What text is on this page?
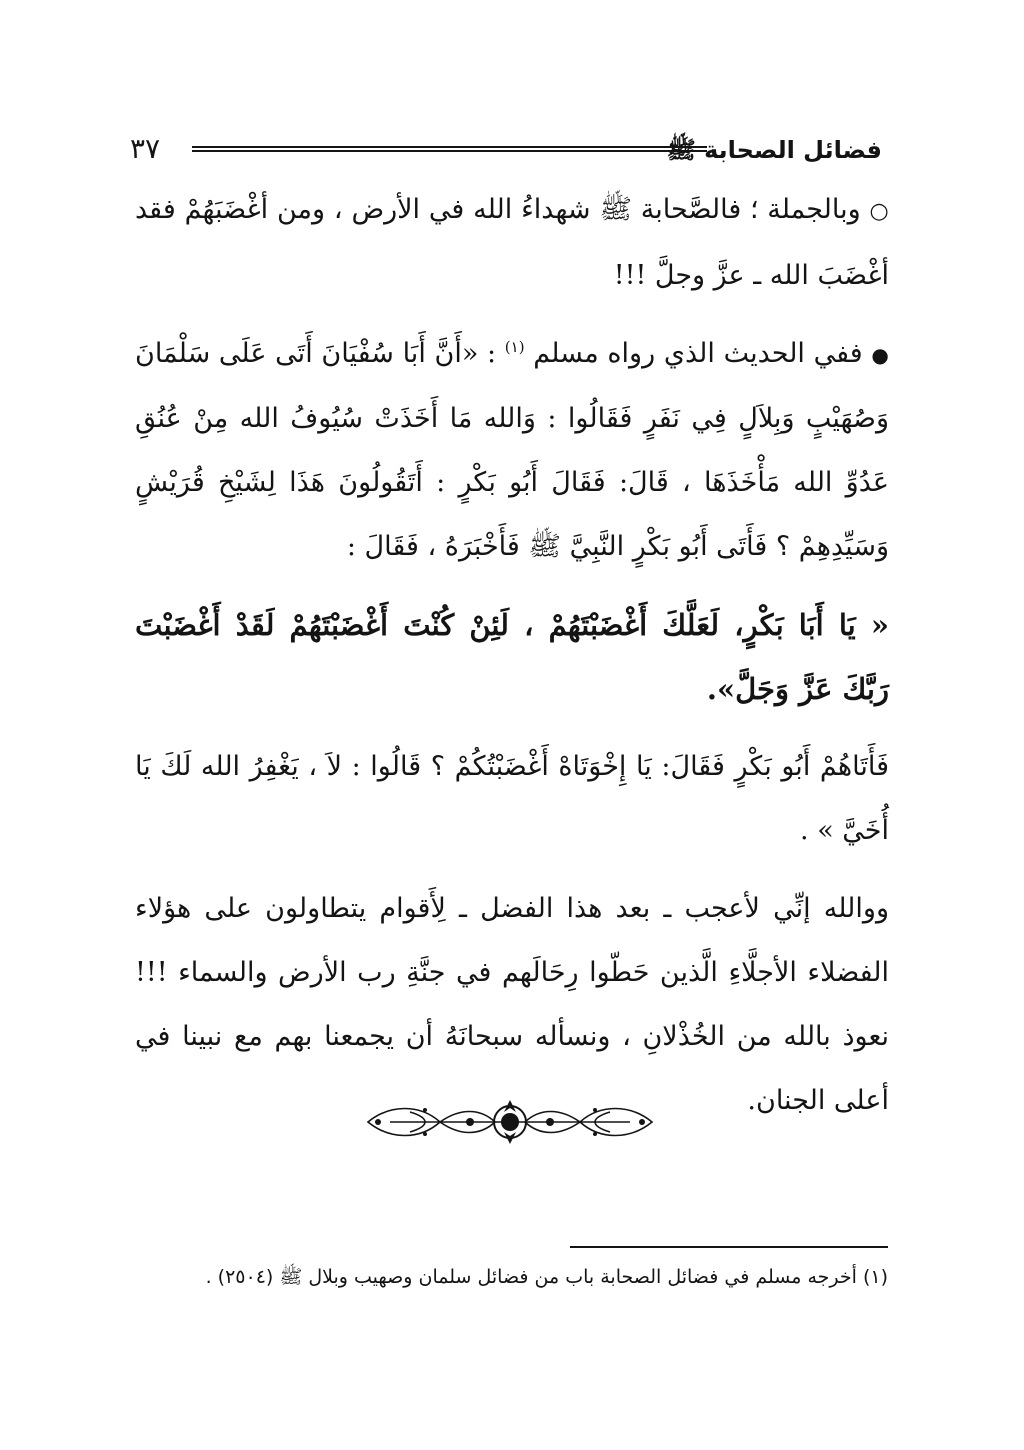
٣٧	فضائل الصحابة ﷺ

○ وبالجملة ؛ فالصَّحابة ﷺ شهداءُ الله في الأرض ، ومن أغْضَبَهُمْ فقد أغْضَبَ الله ـ عزَّ وجلَّ !!!

● ففي الحديث الذي رواه مسلم $^{(١)}$ : «أَنَّ أَبَا سُفْيَانَ أَتَى عَلَى سَلْمَانَ وَصُهَيْبٍ وَبِلاَلٍ فِي نَفَرٍ فَقَالُوا : وَالله مَا أَخَذَتْ سُيُوفُ الله مِنْ عُنُقِ عَدُوِّ الله مَأْخَذَهَا ، قَالَ: فَقَالَ أَبُو بَكْرٍ : أَتَقُولُونَ هَذَا لِشَيْخِ قُرَيْشٍ وَسَيِّدِهِمْ ؟ فَأَتَى أَبُو بَكْرٍ النَّبِيَّ ﷺ فَأَخْبَرَهُ ، فَقَالَ :

« يَا أَبَا بَكْرٍ، لَعَلَّكَ أَغْضَبْتَهُمْ ، لَئِنْ كُنْتَ أَغْضَبْتَهُمْ لَقَدْ أَغْضَبْتَ رَبَّكَ عَزَّ وَجَلَّ».

فَأَتَاهُمْ أَبُو بَكْرٍ فَقَالَ: يَا إِخْوَتَاهْ أَغْضَبْتُكُمْ ؟ قَالُوا : لاَ ، يَغْفِرُ الله لَكَ يَا أُخَيَّ » .

ووالله إنِّي لأعجب ـ بعد هذا الفضل ـ لِأَقوام يتطاولون على هؤلاء الفضلاء الأجلَّاءِ الَّذين حَطّوا رِحَالَهم في جنَّةِ رب الأرض والسماء !!! نعوذ بالله من الخُذْلانِ ، ونسأله سبحانَهُ أن يجمعنا بهم مع نبينا في أعلى الجنان.

(١) أخرجه مسلم في فضائل الصحابة باب من فضائل سلمان وصهيب وبلال ﷺ (٢٥٠٤) .
